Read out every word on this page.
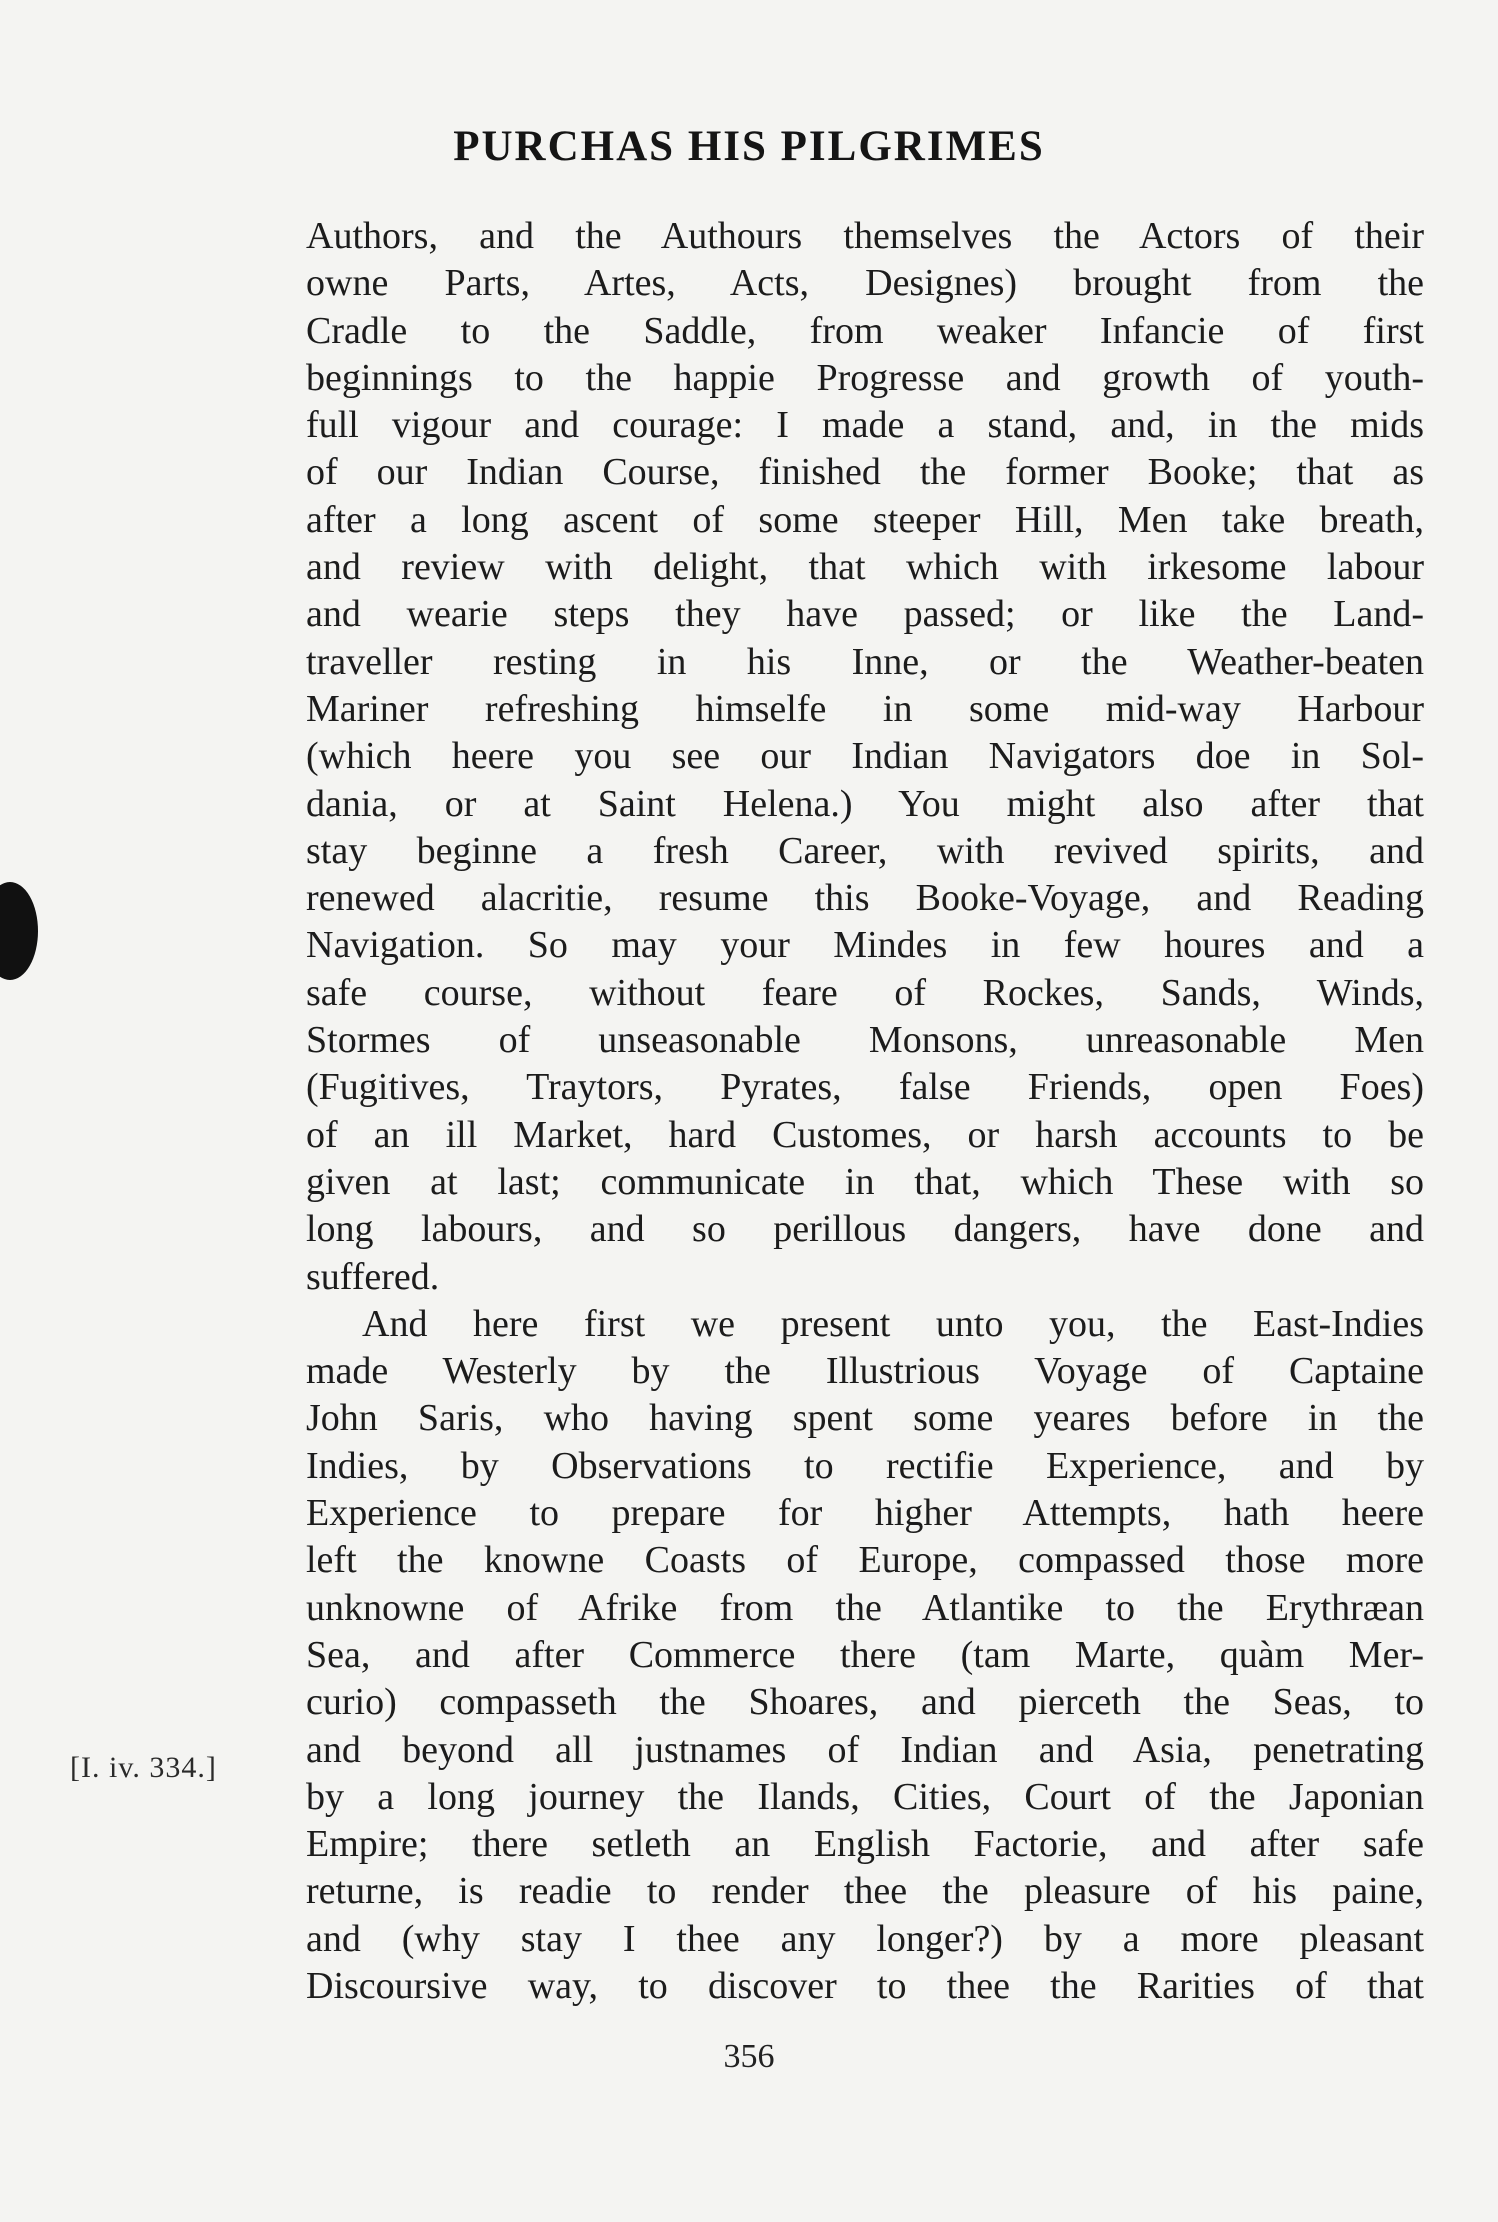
PURCHAS HIS PILGRIMES
Authors, and the Authours themselves the Actors of their
owne Parts, Artes, Acts, Designes) brought from the
Cradle to the Saddle, from weaker Infancie of first
beginnings to the happie Progresse and growth of youth-
full vigour and courage: I made a stand, and, in the mids
of our Indian Course, finished the former Booke; that as
after a long ascent of some steeper Hill, Men take breath,
and review with delight, that which with irkesome labour
and wearie steps they have passed; or like the Land-
traveller resting in his Inne, or the Weather-beaten
Mariner refreshing himselfe in some mid-way Harbour
(which heere you see our Indian Navigators doe in Sol-
dania, or at Saint Helena.) You might also after that
stay beginne a fresh Career, with revived spirits, and
renewed alacritie, resume this Booke-Voyage, and Reading
Navigation. So may your Mindes in few houres and a
safe course, without feare of Rockes, Sands, Winds,
Stormes of unseasonable Monsons, unreasonable Men
(Fugitives, Traytors, Pyrates, false Friends, open Foes)
of an ill Market, hard Customes, or harsh accounts to be
given at last; communicate in that, which These with so
long labours, and so perillous dangers, have done and
suffered.
And here first we present unto you, the East-Indies
made Westerly by the Illustrious Voyage of Captaine
John Saris, who having spent some yeares before in the
Indies, by Observations to rectifie Experience, and by
Experience to prepare for higher Attempts, hath heere
left the knowne Coasts of Europe, compassed those more
unknowne of Afrike from the Atlantike to the Erythræan
Sea, and after Commerce there (tam Marte, quàm Mer-
curio) compasseth the Shoares, and pierceth the Seas, to
and beyond all justnames of Indian and Asia, penetrating
by a long journey the Ilands, Cities, Court of the Japonian
Empire; there setleth an English Factorie, and after safe
returne, is readie to render thee the pleasure of his paine,
and (why stay I thee any longer?) by a more pleasant
Discoursive way, to discover to thee the Rarities of that
[I. iv. 334.]
356
